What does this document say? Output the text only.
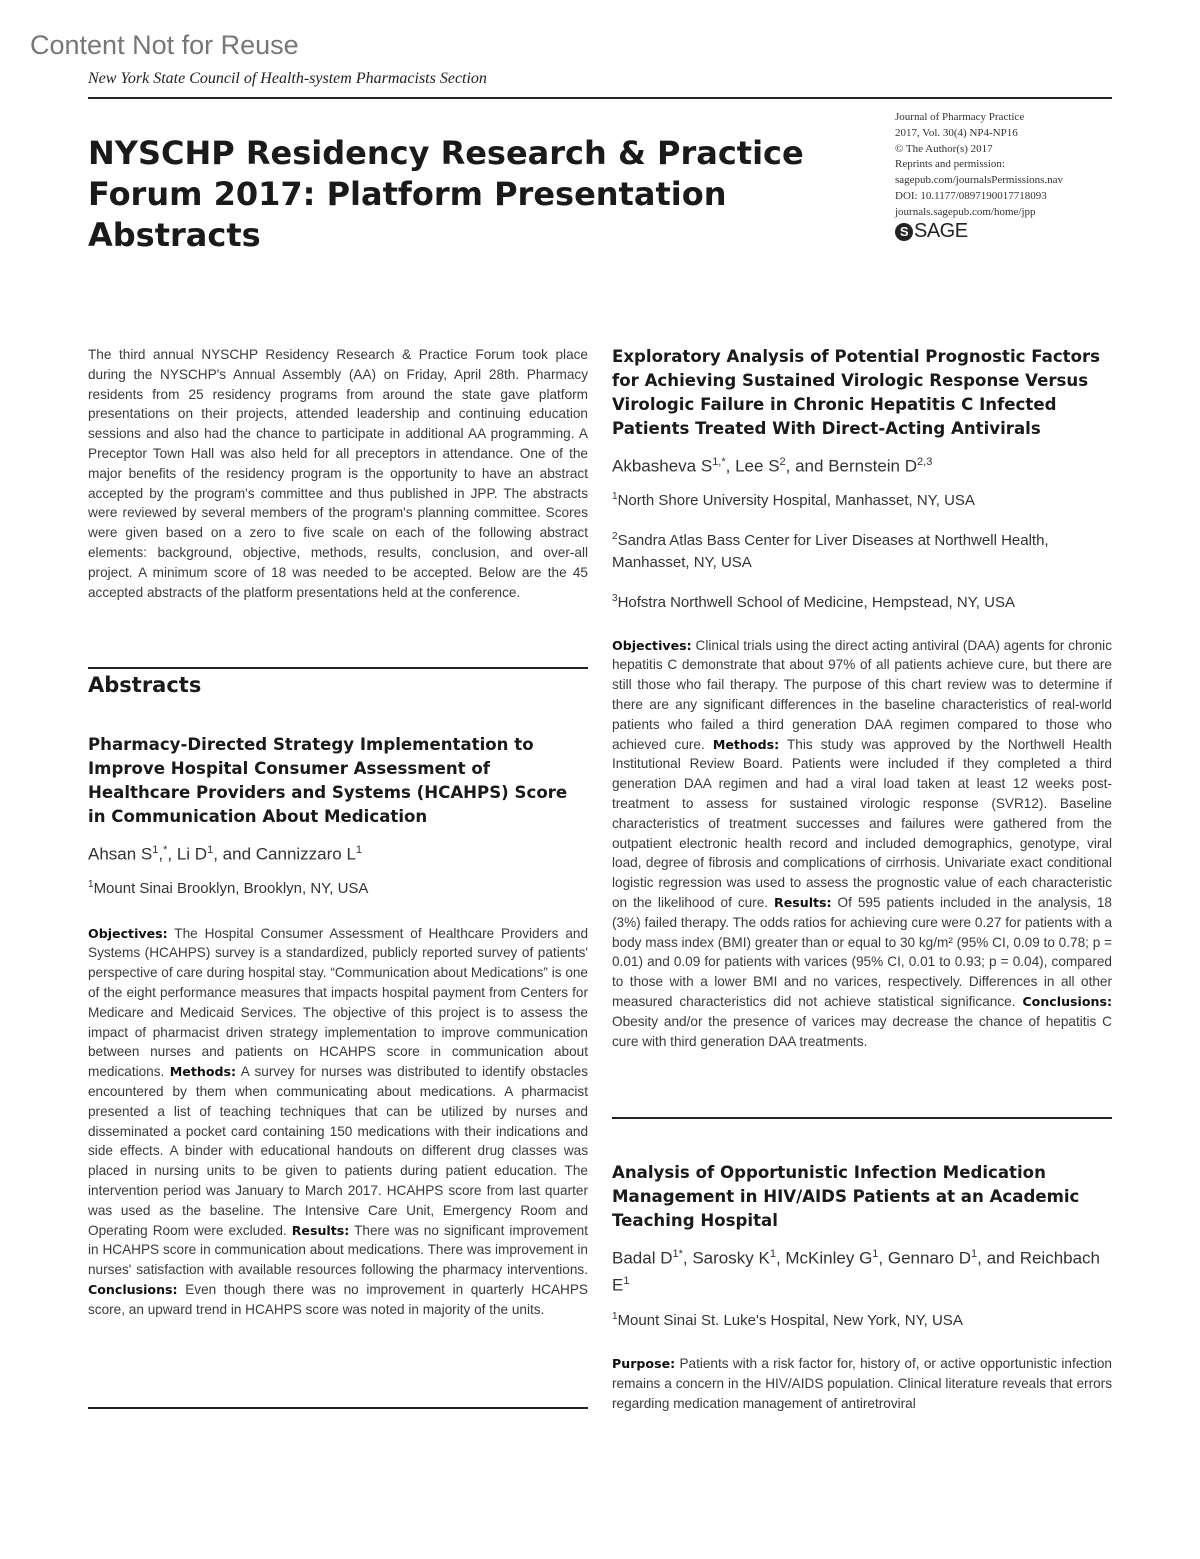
Content Not for Reuse
New York State Council of Health-system Pharmacists Section
NYSCHP Residency Research & Practice Forum 2017: Platform Presentation Abstracts
Journal of Pharmacy Practice
2017, Vol. 30(4) NP4-NP16
© The Author(s) 2017
Reprints and permission:
sagepub.com/journalsPermissions.nav
DOI: 10.1177/0897190017718093
journals.sagepub.com/home/jpp
S SAGE
The third annual NYSCHP Residency Research & Practice Forum took place during the NYSCHP's Annual Assembly (AA) on Friday, April 28th. Pharmacy residents from 25 residency programs from around the state gave platform presentations on their projects, attended leadership and continuing education sessions and also had the chance to participate in additional AA programming. A Preceptor Town Hall was also held for all preceptors in attendance. One of the major benefits of the residency program is the opportunity to have an abstract accepted by the program's committee and thus published in JPP. The abstracts were reviewed by several members of the program's planning committee. Scores were given based on a zero to five scale on each of the following abstract elements: background, objective, methods, results, conclusion, and over-all project. A minimum score of 18 was needed to be accepted. Below are the 45 accepted abstracts of the platform presentations held at the conference.
Abstracts
Pharmacy-Directed Strategy Implementation to Improve Hospital Consumer Assessment of Healthcare Providers and Systems (HCAHPS) Score in Communication About Medication
Ahsan $S^1,^*$, Li $D^1$, and Cannizzaro $L^1$
$^1$Mount Sinai Brooklyn, Brooklyn, NY, USA
Objectives: The Hospital Consumer Assessment of Healthcare Providers and Systems (HCAHPS) survey is a standardized, publicly reported survey of patients' perspective of care during hospital stay. “Communication about Medications” is one of the eight performance measures that impacts hospital payment from Centers for Medicare and Medicaid Services. The objective of this project is to assess the impact of pharmacist driven strategy implementation to improve communication between nurses and patients on HCAHPS score in communication about medications. Methods: A survey for nurses was distributed to identify obstacles encountered by them when communicating about medications. A pharmacist presented a list of teaching techniques that can be utilized by nurses and disseminated a pocket card containing 150 medications with their indications and side effects. A binder with educational handouts on different drug classes was placed in nursing units to be given to patients during patient education. The intervention period was January to March 2017. HCAHPS score from last quarter was used as the baseline. The Intensive Care Unit, Emergency Room and Operating Room were excluded. Results: There was no significant improvement in HCAHPS score in communication about medications. There was improvement in nurses' satisfaction with available resources following the pharmacy interventions. Conclusions: Even though there was no improvement in quarterly HCAHPS score, an upward trend in HCAHPS score was noted in majority of the units.
Exploratory Analysis of Potential Prognostic Factors for Achieving Sustained Virologic Response Versus Virologic Failure in Chronic Hepatitis C Infected Patients Treated With Direct-Acting Antivirals
Akbasheva $S^{1,*}$, Lee $S^2$, and Bernstein D$^{2,3}$
$^1$North Shore University Hospital, Manhasset, NY, USA
$^2$Sandra Atlas Bass Center for Liver Diseases at Northwell Health, Manhasset, NY, USA
$^3$Hofstra Northwell School of Medicine, Hempstead, NY, USA
Objectives: Clinical trials using the direct acting antiviral (DAA) agents for chronic hepatitis C demonstrate that about 97% of all patients achieve cure, but there are still those who fail therapy. The purpose of this chart review was to determine if there are any significant differences in the baseline characteristics of real-world patients who failed a third generation DAA regimen compared to those who achieved cure. Methods: This study was approved by the Northwell Health Institutional Review Board. Patients were included if they completed a third generation DAA regimen and had a viral load taken at least 12 weeks post-treatment to assess for sustained virologic response (SVR12). Baseline characteristics of treatment successes and failures were gathered from the outpatient electronic health record and included demographics, genotype, viral load, degree of fibrosis and complications of cirrhosis. Univariate exact conditional logistic regression was used to assess the prognostic value of each characteristic on the likelihood of cure. Results: Of 595 patients included in the analysis, 18 (3%) failed therapy. The odds ratios for achieving cure were 0.27 for patients with a body mass index (BMI) greater than or equal to 30 kg/m² (95% CI, 0.09 to 0.78; p = 0.01) and 0.09 for patients with varices (95% CI, 0.01 to 0.93; p = 0.04), compared to those with a lower BMI and no varices, respectively. Differences in all other measured characteristics did not achieve statistical significance. Conclusions: Obesity and/or the presence of varices may decrease the chance of hepatitis C cure with third generation DAA treatments.
Analysis of Opportunistic Infection Medication Management in HIV/AIDS Patients at an Academic Teaching Hospital
Badal $D^{1*}$, Sarosky $K^1$, McKinley $G^1$, Gennaro $D^1$, and Reichbach $E^1$
$^1$Mount Sinai St. Luke's Hospital, New York, NY, USA
Purpose: Patients with a risk factor for, history of, or active opportunistic infection remains a concern in the HIV/AIDS population. Clinical literature reveals that errors regarding medication management of antiretroviral
